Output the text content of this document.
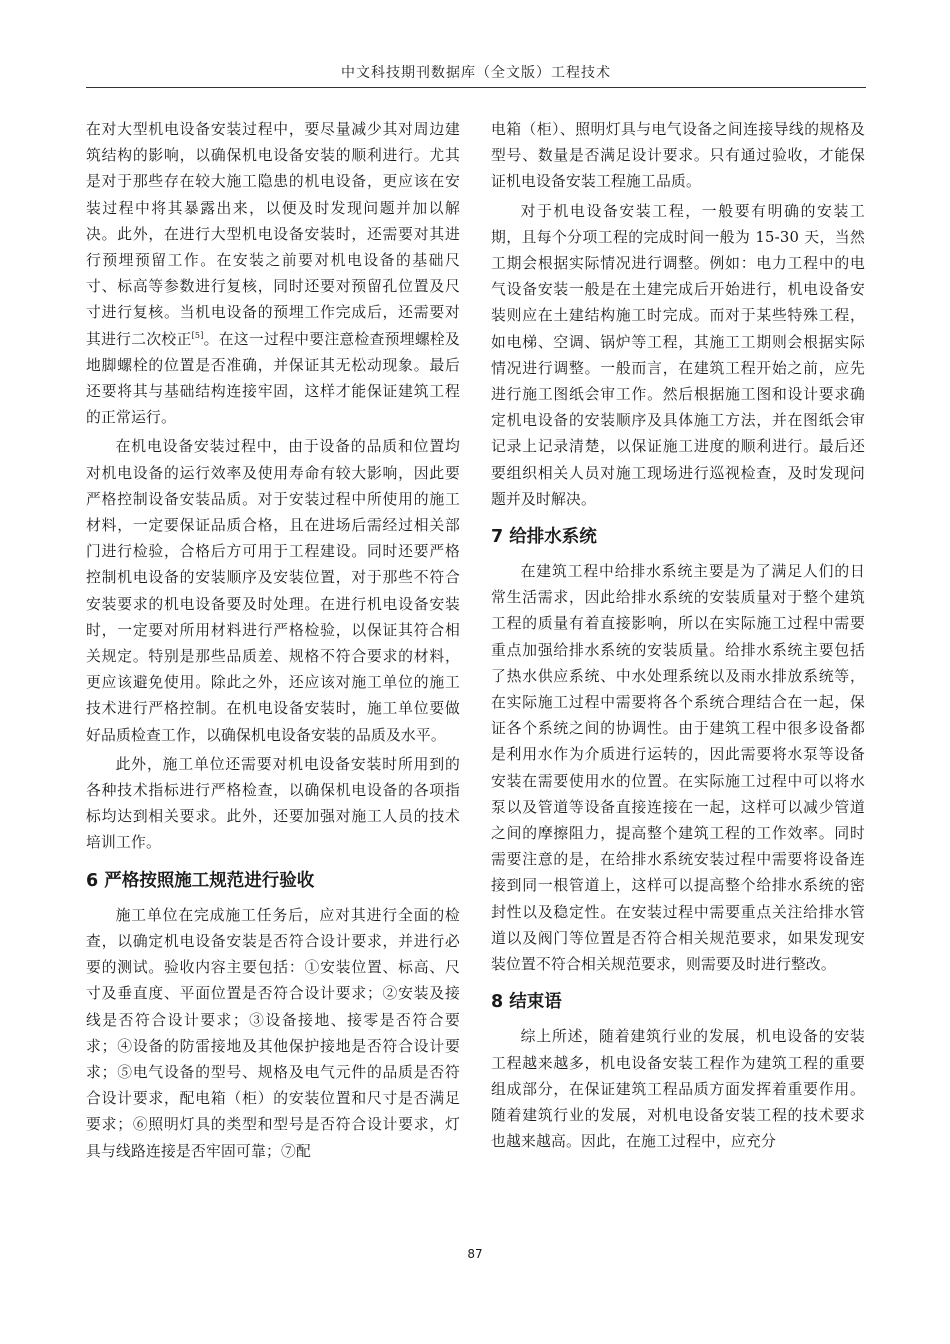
中文科技期刊数据库（全文版）工程技术

在对大型机电设备安装过程中，要尽量减少其对周边建筑结构的影响，以确保机电设备安装的顺利进行。尤其是对于那些存在较大施工隐患的机电设备，更应该在安装过程中将其暴露出来，以便及时发现问题并加以解决。此外，在进行大型机电设备安装时，还需要对其进行预埋预留工作。在安装之前要对机电设备的基础尺寸、标高等参数进行复核，同时还要对预留孔位置及尺寸进行复核。当机电设备的预埋工作完成后，还需要对其进行二次校正[5]。在这一过程中要注意检查预埋螺栓及地脚螺栓的位置是否准确，并保证其无松动现象。最后还要将其与基础结构连接牢固，这样才能保证建筑工程的正常运行。

在机电设备安装过程中，由于设备的品质和位置均对机电设备的运行效率及使用寿命有较大影响，因此要严格控制设备安装品质。对于安装过程中所使用的施工材料，一定要保证品质合格，且在进场后需经过相关部门进行检验，合格后方可用于工程建设。同时还要严格控制机电设备的安装顺序及安装位置，对于那些不符合安装要求的机电设备要及时处理。在进行机电设备安装时，一定要对所用材料进行严格检验，以保证其符合相关规定。特别是那些品质差、规格不符合要求的材料，更应该避免使用。除此之外，还应该对施工单位的施工技术进行严格控制。在机电设备安装时，施工单位要做好品质检查工作，以确保机电设备安装的品质及水平。

此外，施工单位还需要对机电设备安装时所用到的各种技术指标进行严格检查，以确保机电设备的各项指标均达到相关要求。此外，还要加强对施工人员的技术培训工作。

6 严格按照施工规范进行验收

施工单位在完成施工任务后，应对其进行全面的检查，以确定机电设备安装是否符合设计要求，并进行必要的测试。验收内容主要包括：①安装位置、标高、尺寸及垂直度、平面位置是否符合设计要求；②安装及接线是否符合设计要求；③设备接地、接零是否符合要求；④设备的防雷接地及其他保护接地是否符合设计要求；⑤电气设备的型号、规格及电气元件的品质是否符合设计要求，配电箱（柜）的安装位置和尺寸是否满足要求；⑥照明灯具的类型和型号是否符合设计要求，灯具与线路连接是否牢固可靠；⑦配

电箱（柜）、照明灯具与电气设备之间连接导线的规格及型号、数量是否满足设计要求。只有通过验收，才能保证机电设备安装工程施工品质。

对于机电设备安装工程，一般要有明确的安装工期，且每个分项工程的完成时间一般为 15-30 天，当然工期会根据实际情况进行调整。例如：电力工程中的电气设备安装一般是在土建完成后开始进行，机电设备安装则应在土建结构施工时完成。而对于某些特殊工程，如电梯、空调、锅炉等工程，其施工工期则会根据实际情况进行调整。一般而言，在建筑工程开始之前，应先进行施工图纸会审工作。然后根据施工图和设计要求确定机电设备的安装顺序及具体施工方法，并在图纸会审记录上记录清楚，以保证施工进度的顺利进行。最后还要组织相关人员对施工现场进行巡视检查，及时发现问题并及时解决。

7 给排水系统

在建筑工程中给排水系统主要是为了满足人们的日常生活需求，因此给排水系统的安装质量对于整个建筑工程的质量有着直接影响，所以在实际施工过程中需要重点加强给排水系统的安装质量。给排水系统主要包括了热水供应系统、中水处理系统以及雨水排放系统等，在实际施工过程中需要将各个系统合理结合在一起，保证各个系统之间的协调性。由于建筑工程中很多设备都是利用水作为介质进行运转的，因此需要将水泵等设备安装在需要使用水的位置。在实际施工过程中可以将水泵以及管道等设备直接连接在一起，这样可以减少管道之间的摩擦阻力，提高整个建筑工程的工作效率。同时需要注意的是，在给排水系统安装过程中需要将设备连接到同一根管道上，这样可以提高整个给排水系统的密封性以及稳定性。在安装过程中需要重点关注给排水管道以及阀门等位置是否符合相关规范要求，如果发现安装位置不符合相关规范要求，则需要及时进行整改。

8 结束语

综上所述，随着建筑行业的发展，机电设备的安装工程越来越多，机电设备安装工程作为建筑工程的重要组成部分，在保证建筑工程品质方面发挥着重要作用。随着建筑行业的发展，对机电设备安装工程的技术要求也越来越高。因此，在施工过程中，应充分

87
